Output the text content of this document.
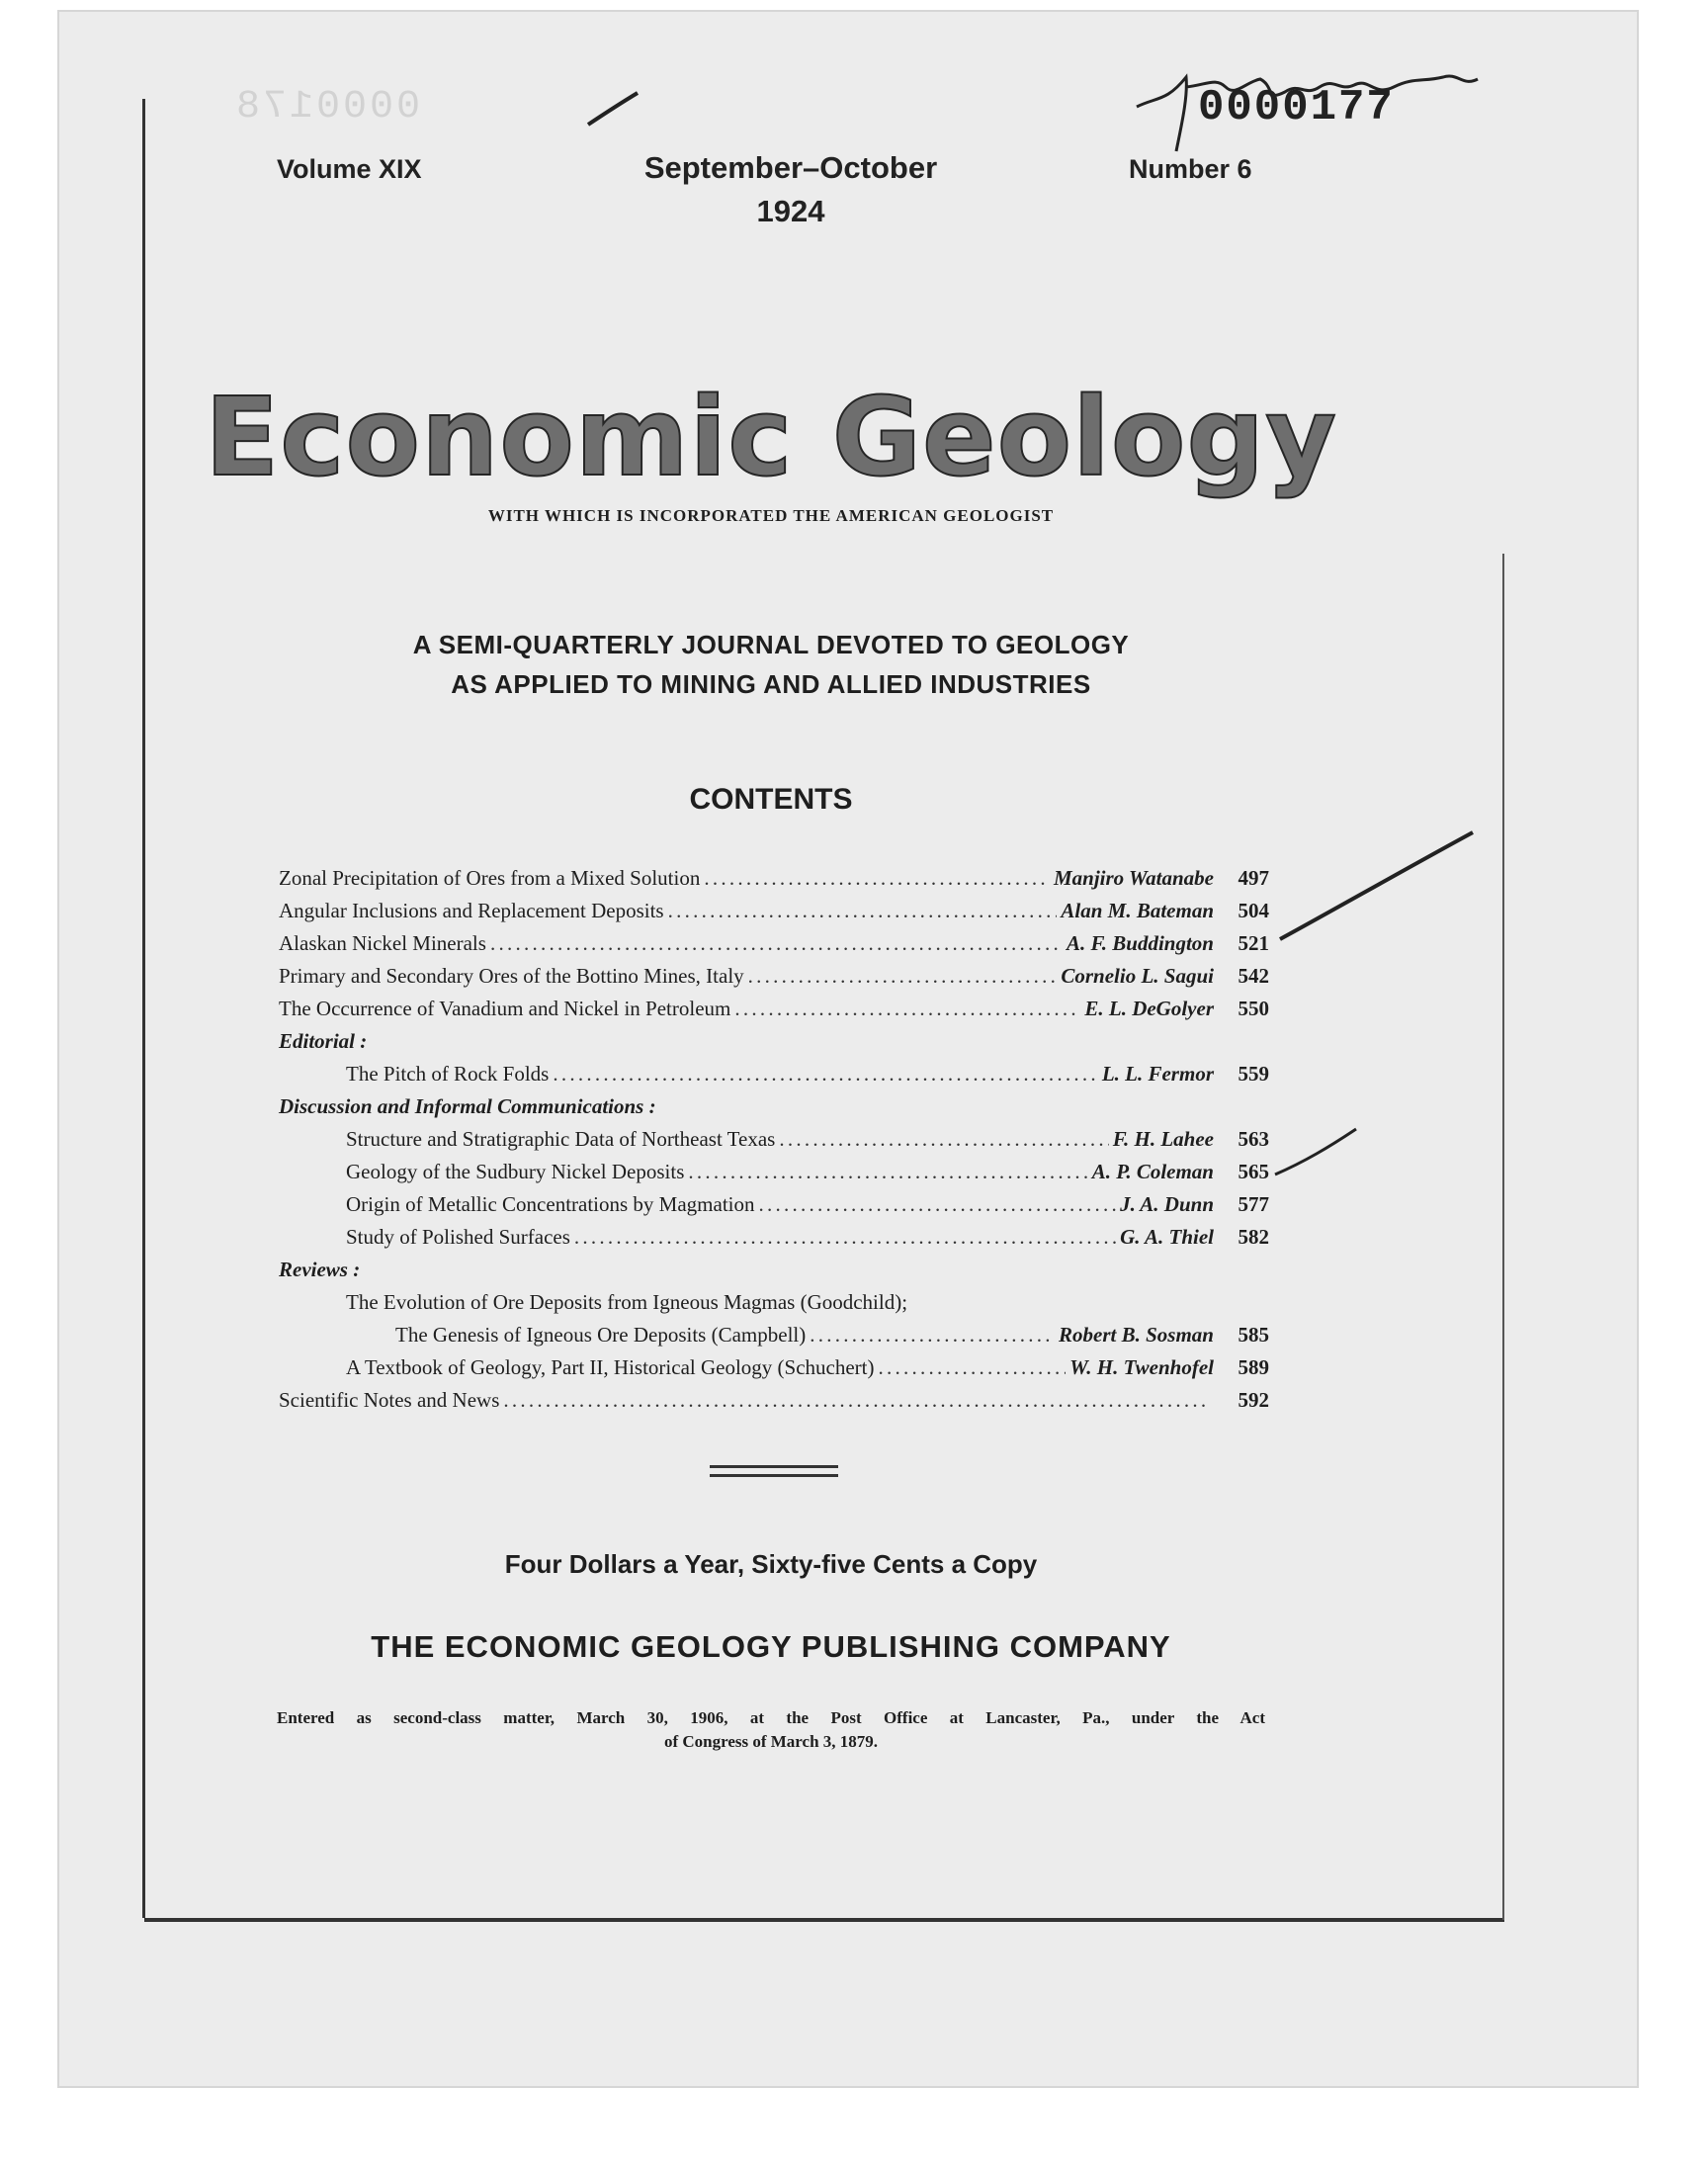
0000178	0000177
Volume XIX	September–October
1924
Number 6
Economic Geology
WITH WHICH IS INCORPORATED THE AMERICAN GEOLOGIST
A SEMI-QUARTERLY JOURNAL DEVOTED TO GEOLOGY
AS APPLIED TO MINING AND ALLIED INDUSTRIES
CONTENTS
Zonal Precipitation of Ores from a Mixed Solution . . .	Manjiro Watanabe	497
Angular Inclusions and Replacement Deposits . . .	Alan M. Bateman	504
Alaskan Nickel Minerals . . .	A. F. Buddington	521
Primary and Secondary Ores of the Bottino Mines, Italy . . .	Cornelio L. Sagui	542
The Occurrence of Vanadium and Nickel in Petroleum . . .	E. L. DeGolyer	550
Editorial :
The Pitch of Rock Folds . . .	L. L. Fermor	559
Discussion and Informal Communications :
Structure and Stratigraphic Data of Northeast Texas . . .	F. H. Lahee	563
Geology of the Sudbury Nickel Deposits . . .	A. P. Coleman	565
Origin of Metallic Concentrations by Magmation . . .	J. A. Dunn	577
Study of Polished Surfaces . . .	G. A. Thiel	582
Reviews :
The Evolution of Ore Deposits from Igneous Magmas (Goodchild);
The Genesis of Igneous Ore Deposits (Campbell) . . .	Robert B. Sosman	585
A Textbook of Geology, Part II, Historical Geology (Schuchert) . . .	W. H. Twenhofel	589
Scientific Notes and News . . .	592
Four Dollars a Year, Sixty-five Cents a Copy
THE ECONOMIC GEOLOGY PUBLISHING COMPANY
Entered as second-class matter, March 30, 1906, at the Post Office at Lancaster, Pa., under the Act
of Congress of March 3, 1879.
